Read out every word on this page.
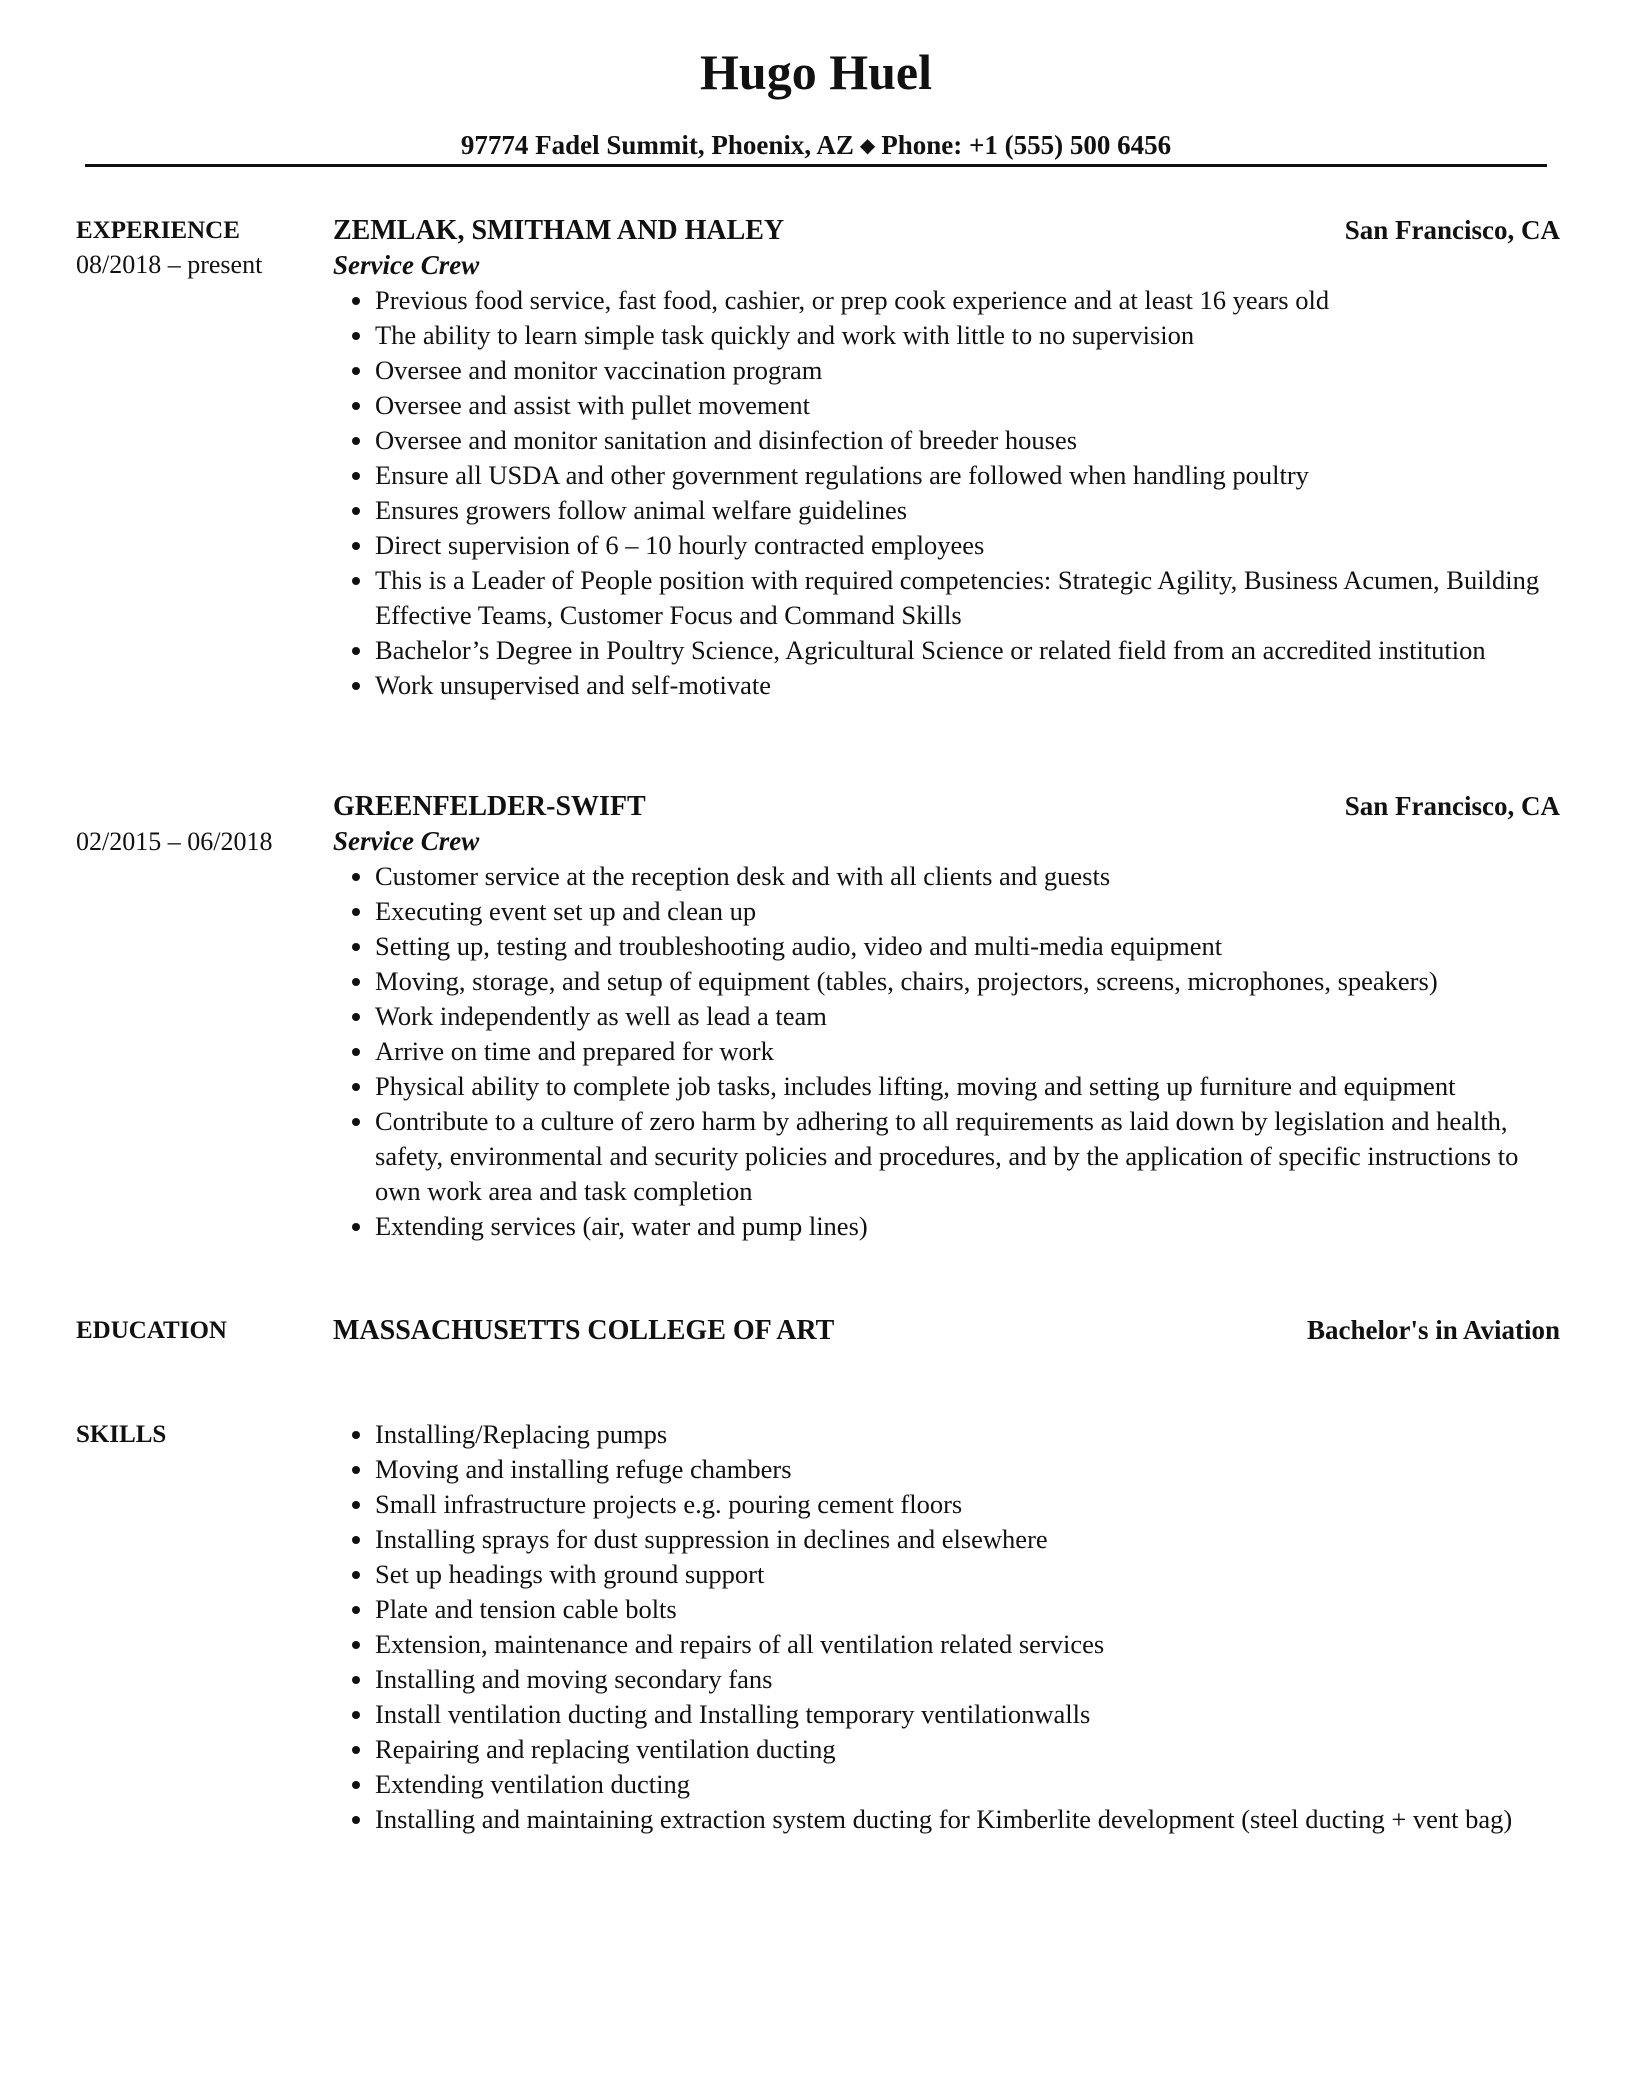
Hugo Huel
97774 Fadel Summit, Phoenix, AZ ◆ Phone: +1 (555) 500 6456
EXPERIENCE
08/2018 – present
ZEMLAK, SMITHAM AND HALEY	San Francisco, CA
Service Crew
Previous food service, fast food, cashier, or prep cook experience and at least 16 years old
The ability to learn simple task quickly and work with little to no supervision
Oversee and monitor vaccination program
Oversee and assist with pullet movement
Oversee and monitor sanitation and disinfection of breeder houses
Ensure all USDA and other government regulations are followed when handling poultry
Ensures growers follow animal welfare guidelines
Direct supervision of 6 – 10 hourly contracted employees
This is a Leader of People position with required competencies: Strategic Agility, Business Acumen, Building Effective Teams, Customer Focus and Command Skills
Bachelor’s Degree in Poultry Science, Agricultural Science or related field from an accredited institution
Work unsupervised and self-motivate
02/2015 – 06/2018
GREENFELDER-SWIFT	San Francisco, CA
Service Crew
Customer service at the reception desk and with all clients and guests
Executing event set up and clean up
Setting up, testing and troubleshooting audio, video and multi-media equipment
Moving, storage, and setup of equipment (tables, chairs, projectors, screens, microphones, speakers)
Work independently as well as lead a team
Arrive on time and prepared for work
Physical ability to complete job tasks, includes lifting, moving and setting up furniture and equipment
Contribute to a culture of zero harm by adhering to all requirements as laid down by legislation and health, safety, environmental and security policies and procedures, and by the application of specific instructions to own work area and task completion
Extending services (air, water and pump lines)
EDUCATION	MASSACHUSETTS COLLEGE OF ART	Bachelor's in Aviation
SKILLS	Installing/Replacing pumps
Moving and installing refuge chambers
Small infrastructure projects e.g. pouring cement floors
Installing sprays for dust suppression in declines and elsewhere
Set up headings with ground support
Plate and tension cable bolts
Extension, maintenance and repairs of all ventilation related services
Installing and moving secondary fans
Install ventilation ducting and Installing temporary ventilationwalls
Repairing and replacing ventilation ducting
Extending ventilation ducting
Installing and maintaining extraction system ducting for Kimberlite development (steel ducting + vent bag)
